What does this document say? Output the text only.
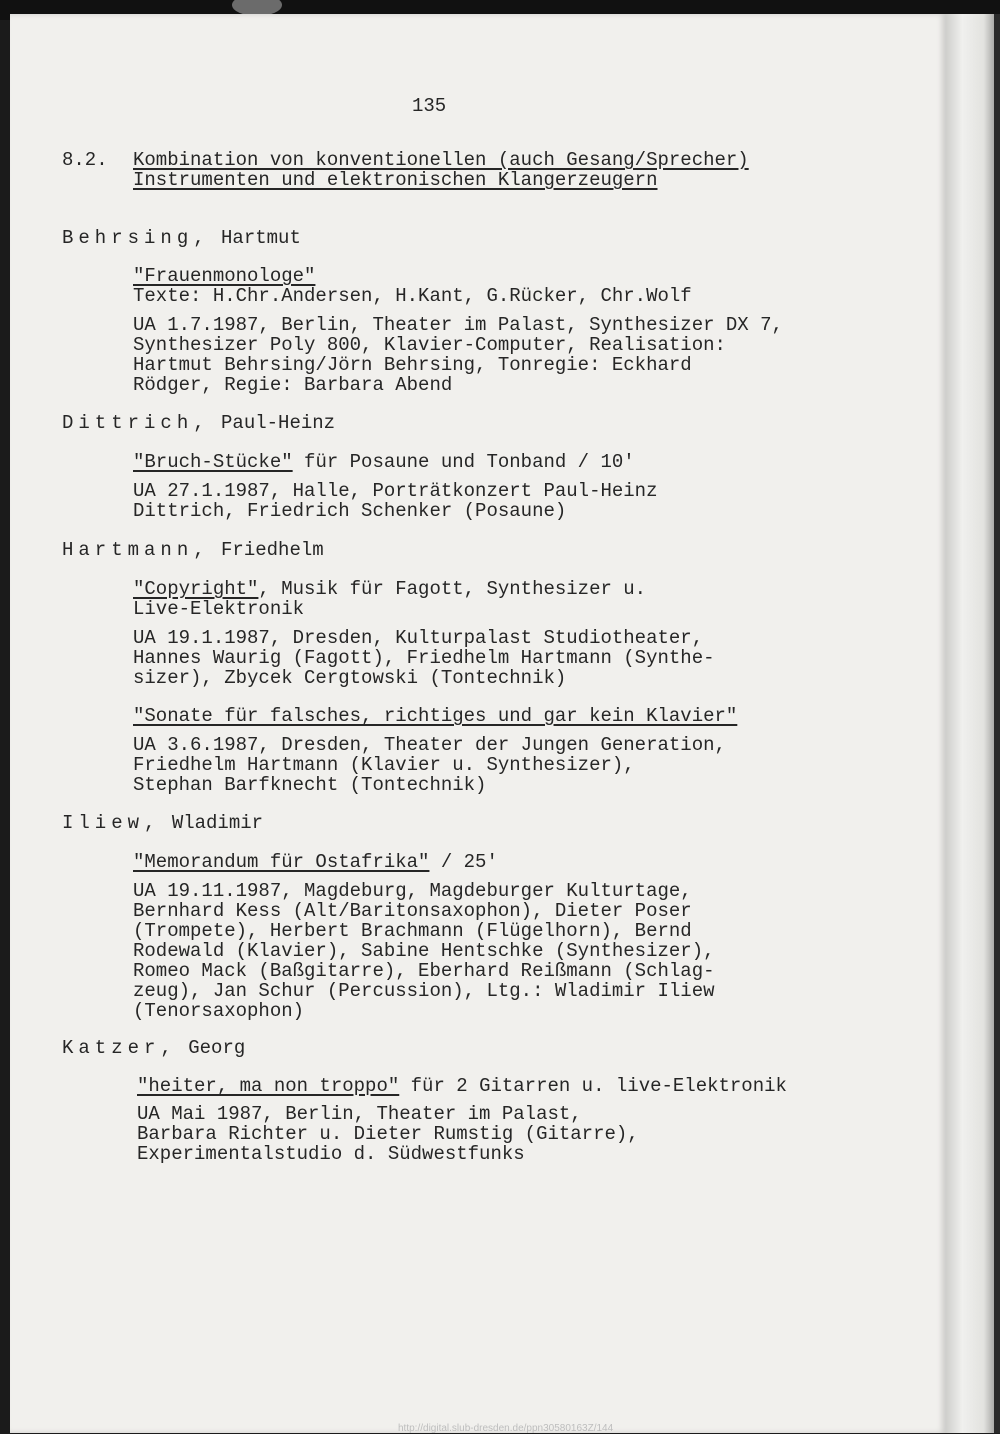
135
8.2. Kombination von konventionellen (auch Gesang/Sprecher)
Instrumenten und elektronischen Klangerzeugern
Behrsing, Hartmut
"Frauenmonologe"
Texte: H.Chr.Andersen, H.Kant, G.Rücker, Chr.Wolf
UA 1.7.1987, Berlin, Theater im Palast, Synthesizer DX 7,
Synthesizer Poly 800, Klavier-Computer, Realisation:
Hartmut Behrsing/Jörn Behrsing, Tonregie: Eckhard
Rödger, Regie: Barbara Abend
Dittrich, Paul-Heinz
"Bruch-Stücke" für Posaune und Tonband / 10'
UA 27.1.1987, Halle, Porträtkonzert Paul-Heinz
Dittrich, Friedrich Schenker (Posaune)
Hartmann, Friedhelm
"Copyright", Musik für Fagott, Synthesizer u.
Live-Elektronik
UA 19.1.1987, Dresden, Kulturpalast Studiotheater,
Hannes Waurig (Fagott), Friedhelm Hartmann (Synthe-
sizer), Zbycek Cergtowski (Tontechnik)
"Sonate für falsches, richtiges und gar kein Klavier"
UA 3.6.1987, Dresden, Theater der Jungen Generation,
Friedhelm Hartmann (Klavier u. Synthesizer),
Stephan Barfknecht (Tontechnik)
Iliew, Wladimir
"Memorandum für Ostafrika" / 25'
UA 19.11.1987, Magdeburg, Magdeburger Kulturtage,
Bernhard Kess (Alt/Baritonsaxophon), Dieter Poser
(Trompete), Herbert Brachmann (Flügelhorn), Bernd
Rodewald (Klavier), Sabine Hentschke (Synthesizer),
Romeo Mack (Baßgitarre), Eberhard Reißmann (Schlag-
zeug), Jan Schur (Percussion), Ltg.: Wladimir Iliew
(Tenorsaxophon)
Katzer, Georg
"heiter, ma non troppo" für 2 Gitarren u. live-Elektronik
UA Mai 1987, Berlin, Theater im Palast,
Barbara Richter u. Dieter Rumstig (Gitarre),
Experimentalstudio d. Südwestfunks
http://digital.slub-dresden.de/ppn30580163Z/144
